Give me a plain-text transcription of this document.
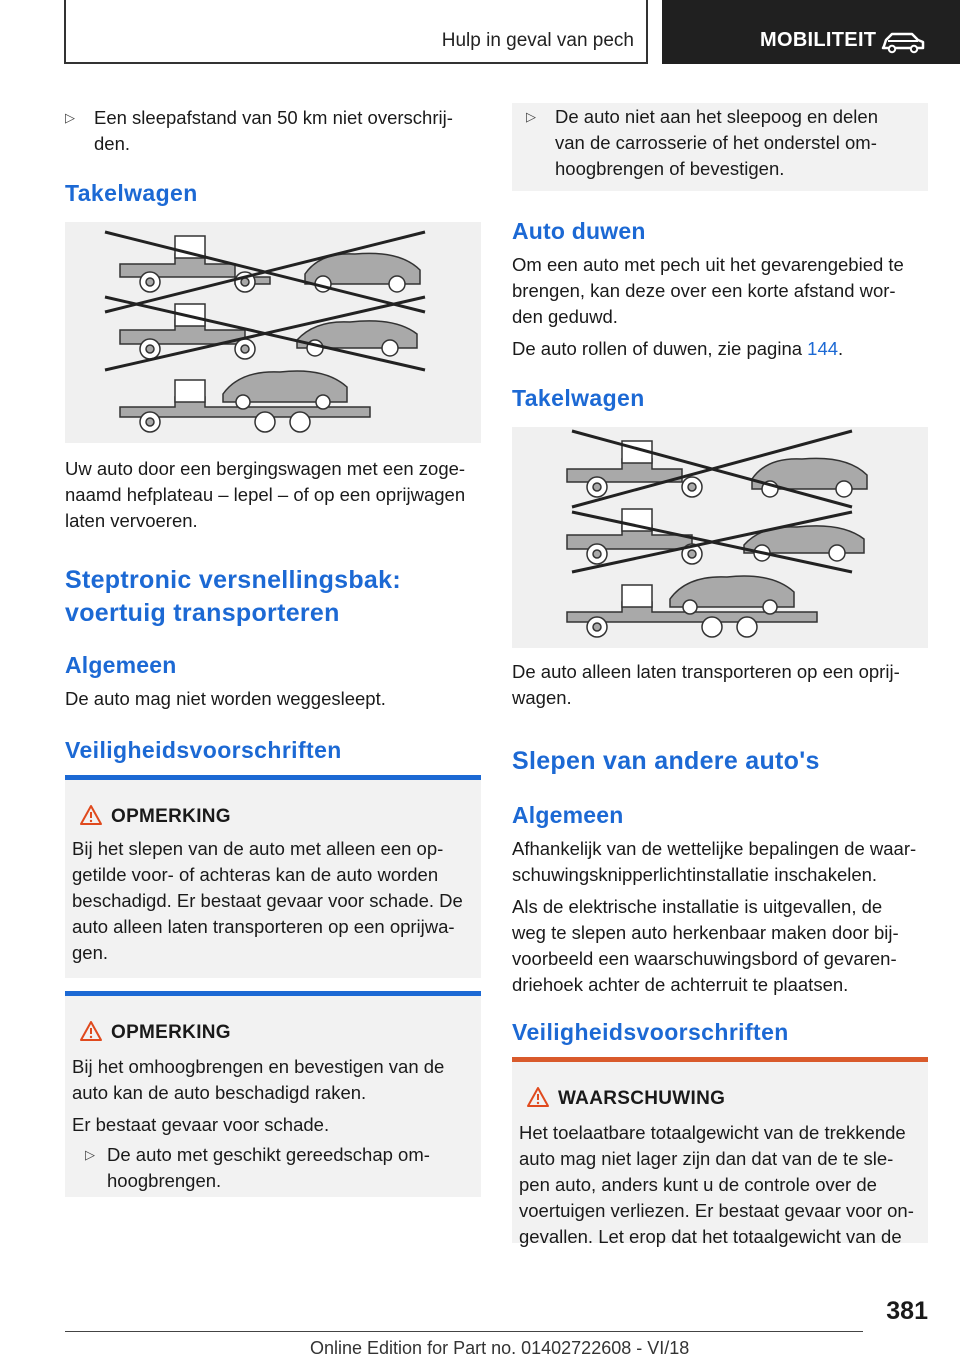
Hulp in geval van pech	MOBILITEIT
▷ Een sleepafstand van 50 km niet overschrij-
den.
Takelwagen

Uw auto door een bergingswagen met een zoge-

naamd hefplateau – lepel – of op een oprijwagen

laten vervoeren.

Steptronic versnellingsbak:
voertuig transporteren
Algemeen

De auto mag niet worden weggesleept.

Veiligheidsvoorschriften
OPMERKING

Bij het slepen van de auto met alleen een op-

getilde voor- of achteras kan de auto worden

beschadigd. Er bestaat gevaar voor schade. De

auto alleen laten transporteren op een oprijwa-

gen.

OPMERKING

Bij het omhoogbrengen en bevestigen van de

auto kan de auto beschadigd raken.

Er bestaat gevaar voor schade.

▷ De auto met geschikt gereedschap om-
hoogbrengen.
▷ De auto niet aan het sleepoog en delen
van de carrosserie of het onderstel om-
hoogbrengen of bevestigen.
Auto duwen

Om een auto met pech uit het gevarengebied te

brengen, kan deze over een korte afstand wor-

den geduwd.

De auto rollen of duwen, zie pagina 144.

Takelwagen

De auto alleen laten transporteren op een oprij-

wagen.

Slepen van andere auto's
Algemeen

Afhankelijk van de wettelijke bepalingen de waar-

schuwingsknipperlichtinstallatie inschakelen.

Als de elektrische installatie is uitgevallen, de

weg te slepen auto herkenbaar maken door bij-

voorbeeld een waarschuwingsbord of gevaren-

driehoek achter de achterruit te plaatsen.

Veiligheidsvoorschriften
WAARSCHUWING

Het toelaatbare totaalgewicht van de trekkende

auto mag niet lager zijn dan dat van de te sle-

pen auto, anders kunt u de controle over de

voertuigen verliezen. Er bestaat gevaar voor on-

gevallen. Let erop dat het totaalgewicht van de

381
Online Edition for Part no. 01402722608 - VI/18
